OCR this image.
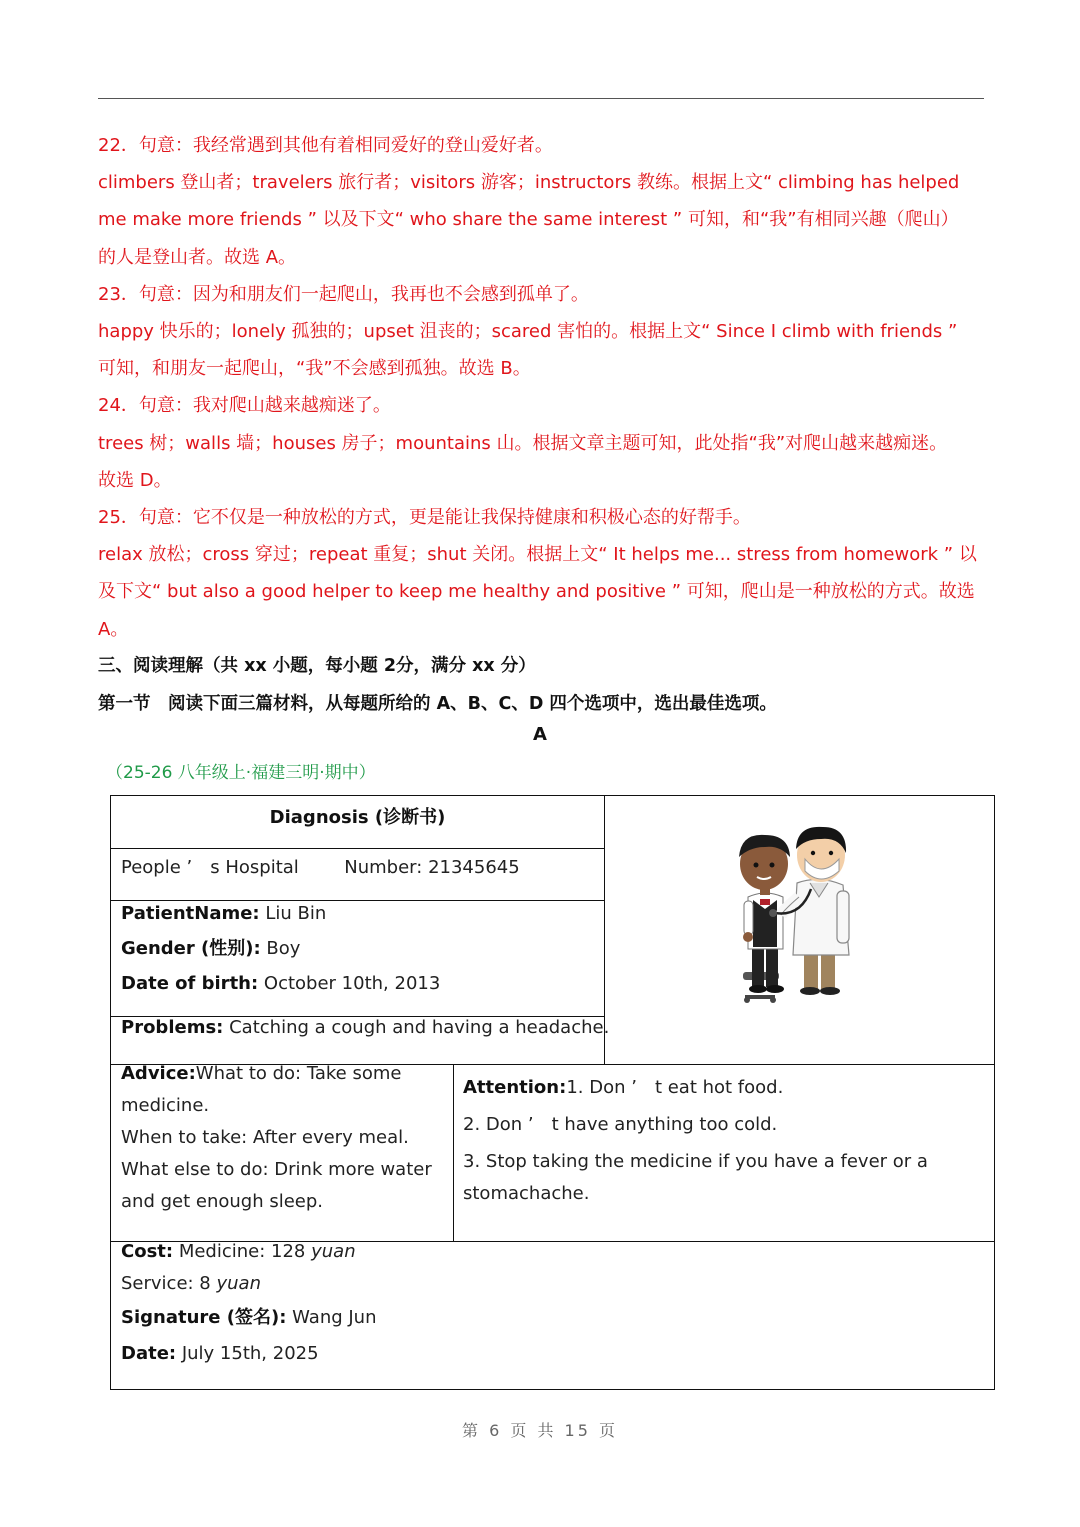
22．句意：我经常遇到其他有着相同爱好的登山爱好者。

climbers 登山者；travelers 旅行者；visitors 游客；instructors 教练。根据上文“ climbing has helped

me make more friends ” 以及下文“ who share the same interest ” 可知，和“我”有相同兴趣（爬山）

的人是登山者。故选 A。

23．句意：因为和朋友们一起爬山，我再也不会感到孤单了。

happy 快乐的；lonely 孤独的；upset 沮丧的；scared 害怕的。根据上文“ Since I climb with friends ”

可知，和朋友一起爬山，“我”不会感到孤独。故选 B。

24．句意：我对爬山越来越痴迷了。

trees 树；walls 墙；houses 房子；mountains 山。根据文章主题可知，此处指“我”对爬山越来越痴迷。

故选 D。

25．句意：它不仅是一种放松的方式，更是能让我保持健康和积极心态的好帮手。

relax 放松；cross 穿过；repeat 重复；shut 关闭。根据上文“ It helps me... stress from homework ” 以

及下文“ but also a good helper to keep me healthy and positive ” 可知，爬山是一种放松的方式。故选

A。

三、阅读理解（共 xx 小题，每小题 2分，满分 xx 分）
第一节　阅读下面三篇材料，从每题所给的 A、B、C、D 四个选项中，选出最佳选项。
A
（25-26 八年级上·福建三明·期中）
Diagnosis (诊断书)
People ’　s Hospital	Number: 21345645
PatientName: Liu Bin
Gender (性别): Boy
Date of birth: October 10th, 2013
Problems: Catching a cough and having a headache.
Advice:What to do: Take some
medicine.
When to take: After every meal.
What else to do: Drink more water
and get enough sleep.
Attention:1. Don ’　t eat hot food.
2. Don ’　t have anything too cold.
3. Stop taking the medicine if you have a fever or a
stomachache.
Cost: Medicine: 128 yuan
Service: 8 yuan
Signature (签名): Wang Jun
Date: July 15th, 2025
第 6 页 共 15 页
